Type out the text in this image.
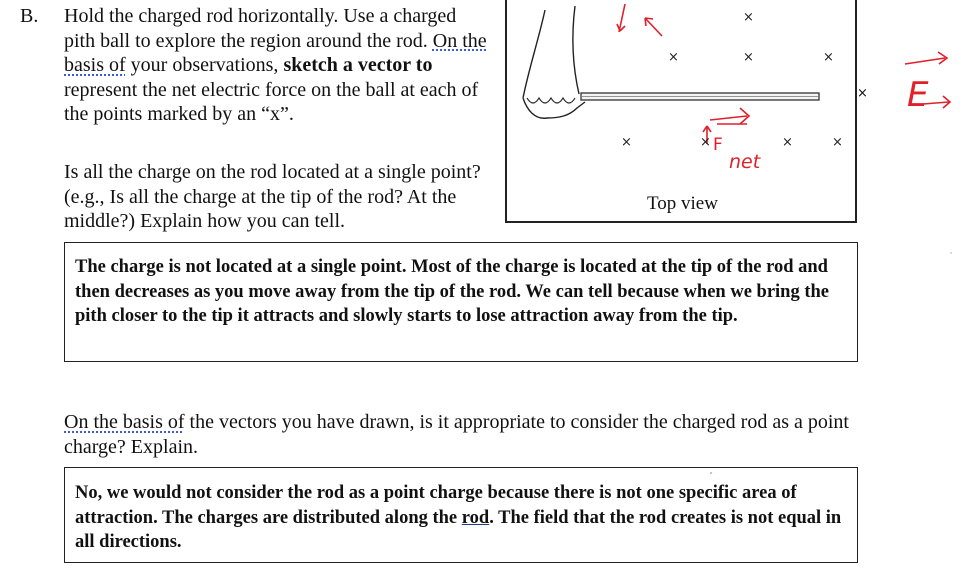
B. Hold the charged rod horizontally. Use a charged pith ball to explore the region around the rod. On the basis of your observations, sketch a vector to represent the net electric force on the ball at each of the points marked by an “x”.
Is all the charge on the rod located at a single point? (e.g., Is all the charge at the tip of the rod? At the middle?) Explain how you can tell.
F
net
×
×	×	×
×	×	×	×
Top view
× E
The charge is not located at a single point. Most of the charge is located at the tip of the rod and then decreases as you move away from the tip of the rod. We can tell because when we bring the pith closer to the tip it attracts and slowly starts to lose attraction away from the tip.
On the basis of the vectors you have drawn, is it appropriate to consider the charged rod as a point charge? Explain.
No, we would not consider the rod as a point charge because there is not one specific area of attraction. The charges are distributed along the rod. The field that the rod creates is not equal in all directions.
